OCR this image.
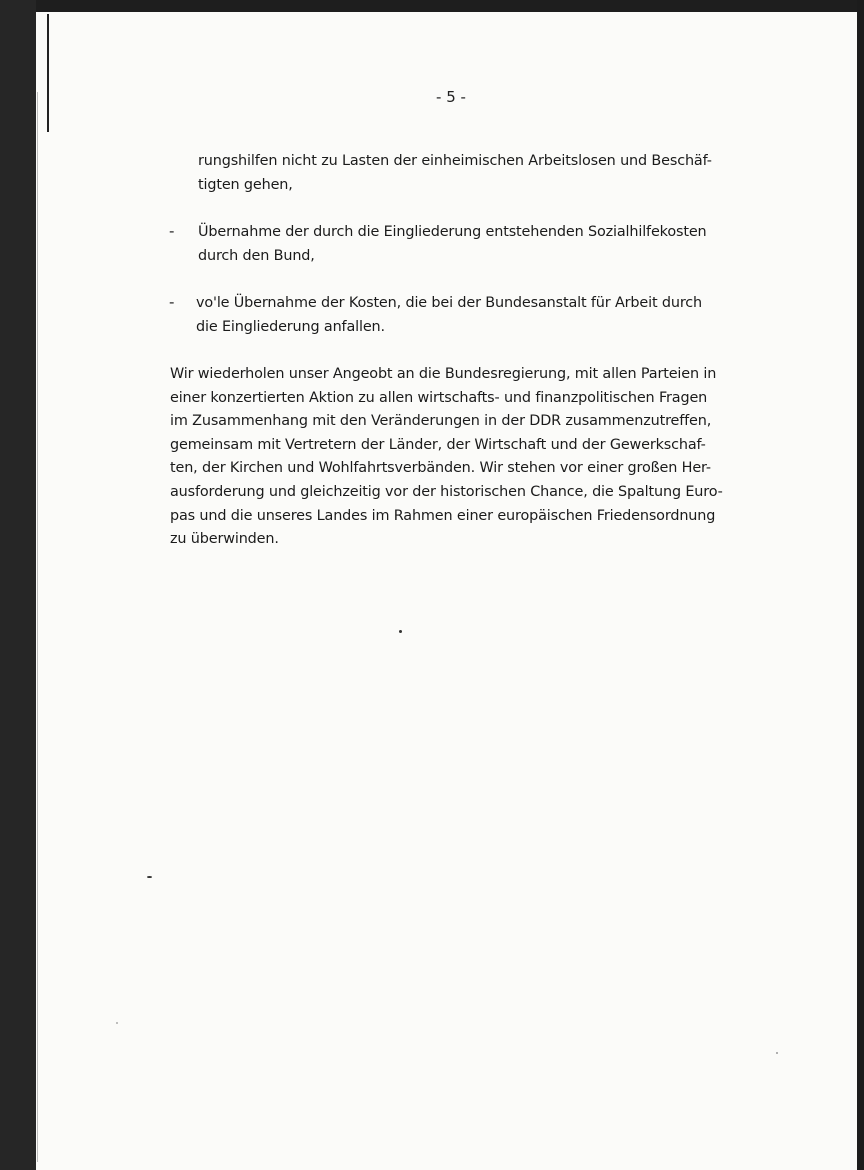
- 5 -
rungshilfen nicht zu Lasten der einheimischen Arbeitslosen und Beschäf-
tigten gehen,
- Übernahme der durch die Eingliederung entstehenden Sozialhilfekosten
durch den Bund,
- vo'le Übernahme der Kosten, die bei der Bundesanstalt für Arbeit durch
die Eingliederung anfallen.
Wir wiederholen unser Angeobt an die Bundesregierung, mit allen Parteien in
einer konzertierten Aktion zu allen wirtschafts- und finanzpolitischen Fragen
im Zusammenhang mit den Veränderungen in der DDR zusammenzutreffen,
gemeinsam mit Vertretern der Länder, der Wirtschaft und der Gewerkschaf-
ten, der Kirchen und Wohlfahrtsverbänden. Wir stehen vor einer großen Her-
ausforderung und gleichzeitig vor der historischen Chance, die Spaltung Euro-
pas und die unseres Landes im Rahmen einer europäischen Friedensordnung
zu überwinden.
